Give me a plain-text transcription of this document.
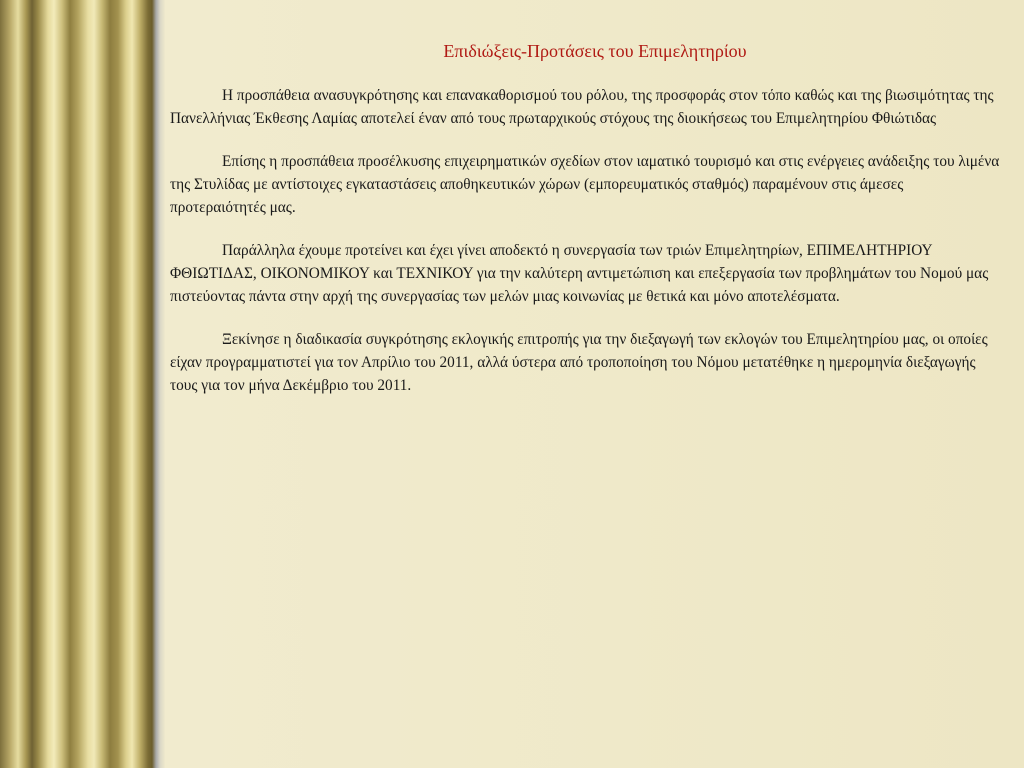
Επιδιώξεις-Προτάσεις του Επιμελητηρίου

Η προσπάθεια ανασυγκρότησης και επανακαθορισμού του ρόλου, της προσφοράς στον τόπο καθώς και της βιωσιμότητας της Πανελλήνιας Έκθεσης Λαμίας αποτελεί έναν από τους πρωταρχικούς στόχους της διοικήσεως του Επιμελητηρίου Φθιώτιδας

Επίσης η προσπάθεια προσέλκυσης επιχειρηματικών σχεδίων στον ιαματικό τουρισμό και στις ενέργειες ανάδειξης του λιμένα της Στυλίδας με αντίστοιχες εγκαταστάσεις αποθηκευτικών χώρων (εμπορευματικός σταθμός) παραμένουν στις άμεσες προτεραιότητές μας.

Παράλληλα έχουμε προτείνει και έχει γίνει αποδεκτό η συνεργασία των τριών Επιμελητηρίων, ΕΠΙΜΕΛΗΤΗΡΙΟΥ ΦΘΙΩΤΙΔΑΣ, ΟΙΚΟΝΟΜΙΚΟΥ και ΤΕΧΝΙΚΟΥ για την καλύτερη αντιμετώπιση και επεξεργασία των προβλημάτων του Νομού μας πιστεύοντας πάντα στην αρχή της συνεργασίας των μελών μιας κοινωνίας με θετικά και μόνο αποτελέσματα.

Ξεκίνησε η διαδικασία συγκρότησης εκλογικής επιτροπής για την διεξαγωγή των εκλογών του Επιμελητηρίου μας, οι οποίες είχαν προγραμματιστεί για τον Απρίλιο του 2011, αλλά ύστερα από τροποποίηση του Νόμου μετατέθηκε η ημερομηνία διεξαγωγής τους για τον μήνα Δεκέμβριο του 2011.
